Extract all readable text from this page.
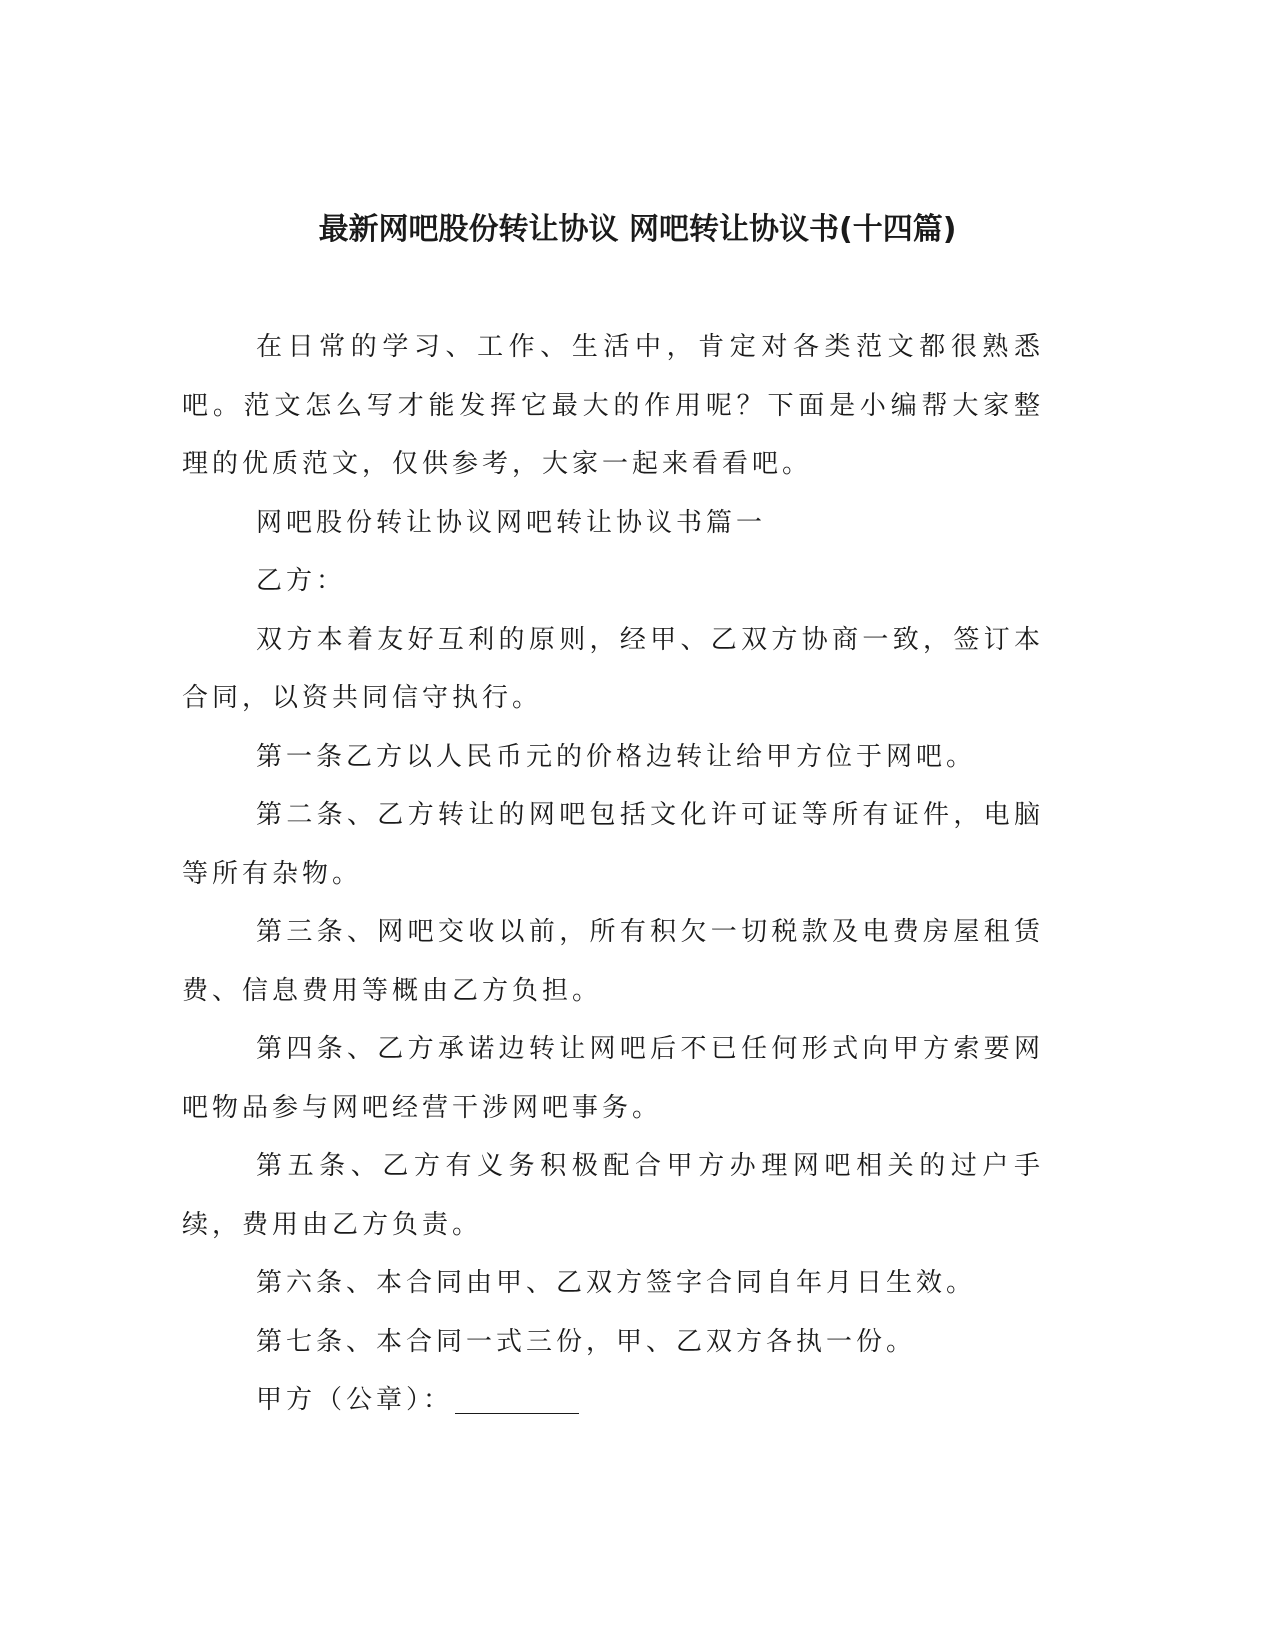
最新网吧股份转让协议 网吧转让协议书(十四篇)

在日常的学习、工作、生活中，肯定对各类范文都很熟悉吧。范文怎么写才能发挥它最大的作用呢？下面是小编帮大家整理的优质范文，仅供参考，大家一起来看看吧。

网吧股份转让协议网吧转让协议书篇一

乙方：

双方本着友好互利的原则，经甲、乙双方协商一致，签订本合同，以资共同信守执行。

第一条乙方以人民币元的价格边转让给甲方位于网吧。

第二条、乙方转让的网吧包括文化许可证等所有证件，电脑等所有杂物。

第三条、网吧交收以前，所有积欠一切税款及电费房屋租赁费、信息费用等概由乙方负担。

第四条、乙方承诺边转让网吧后不已任何形式向甲方索要网吧物品参与网吧经营干涉网吧事务。

第五条、乙方有义务积极配合甲方办理网吧相关的过户手续，费用由乙方负责。

第六条、本合同由甲、乙双方签字合同自年月日生效。

第七条、本合同一式三份，甲、乙双方各执一份。

甲方（公章）：
